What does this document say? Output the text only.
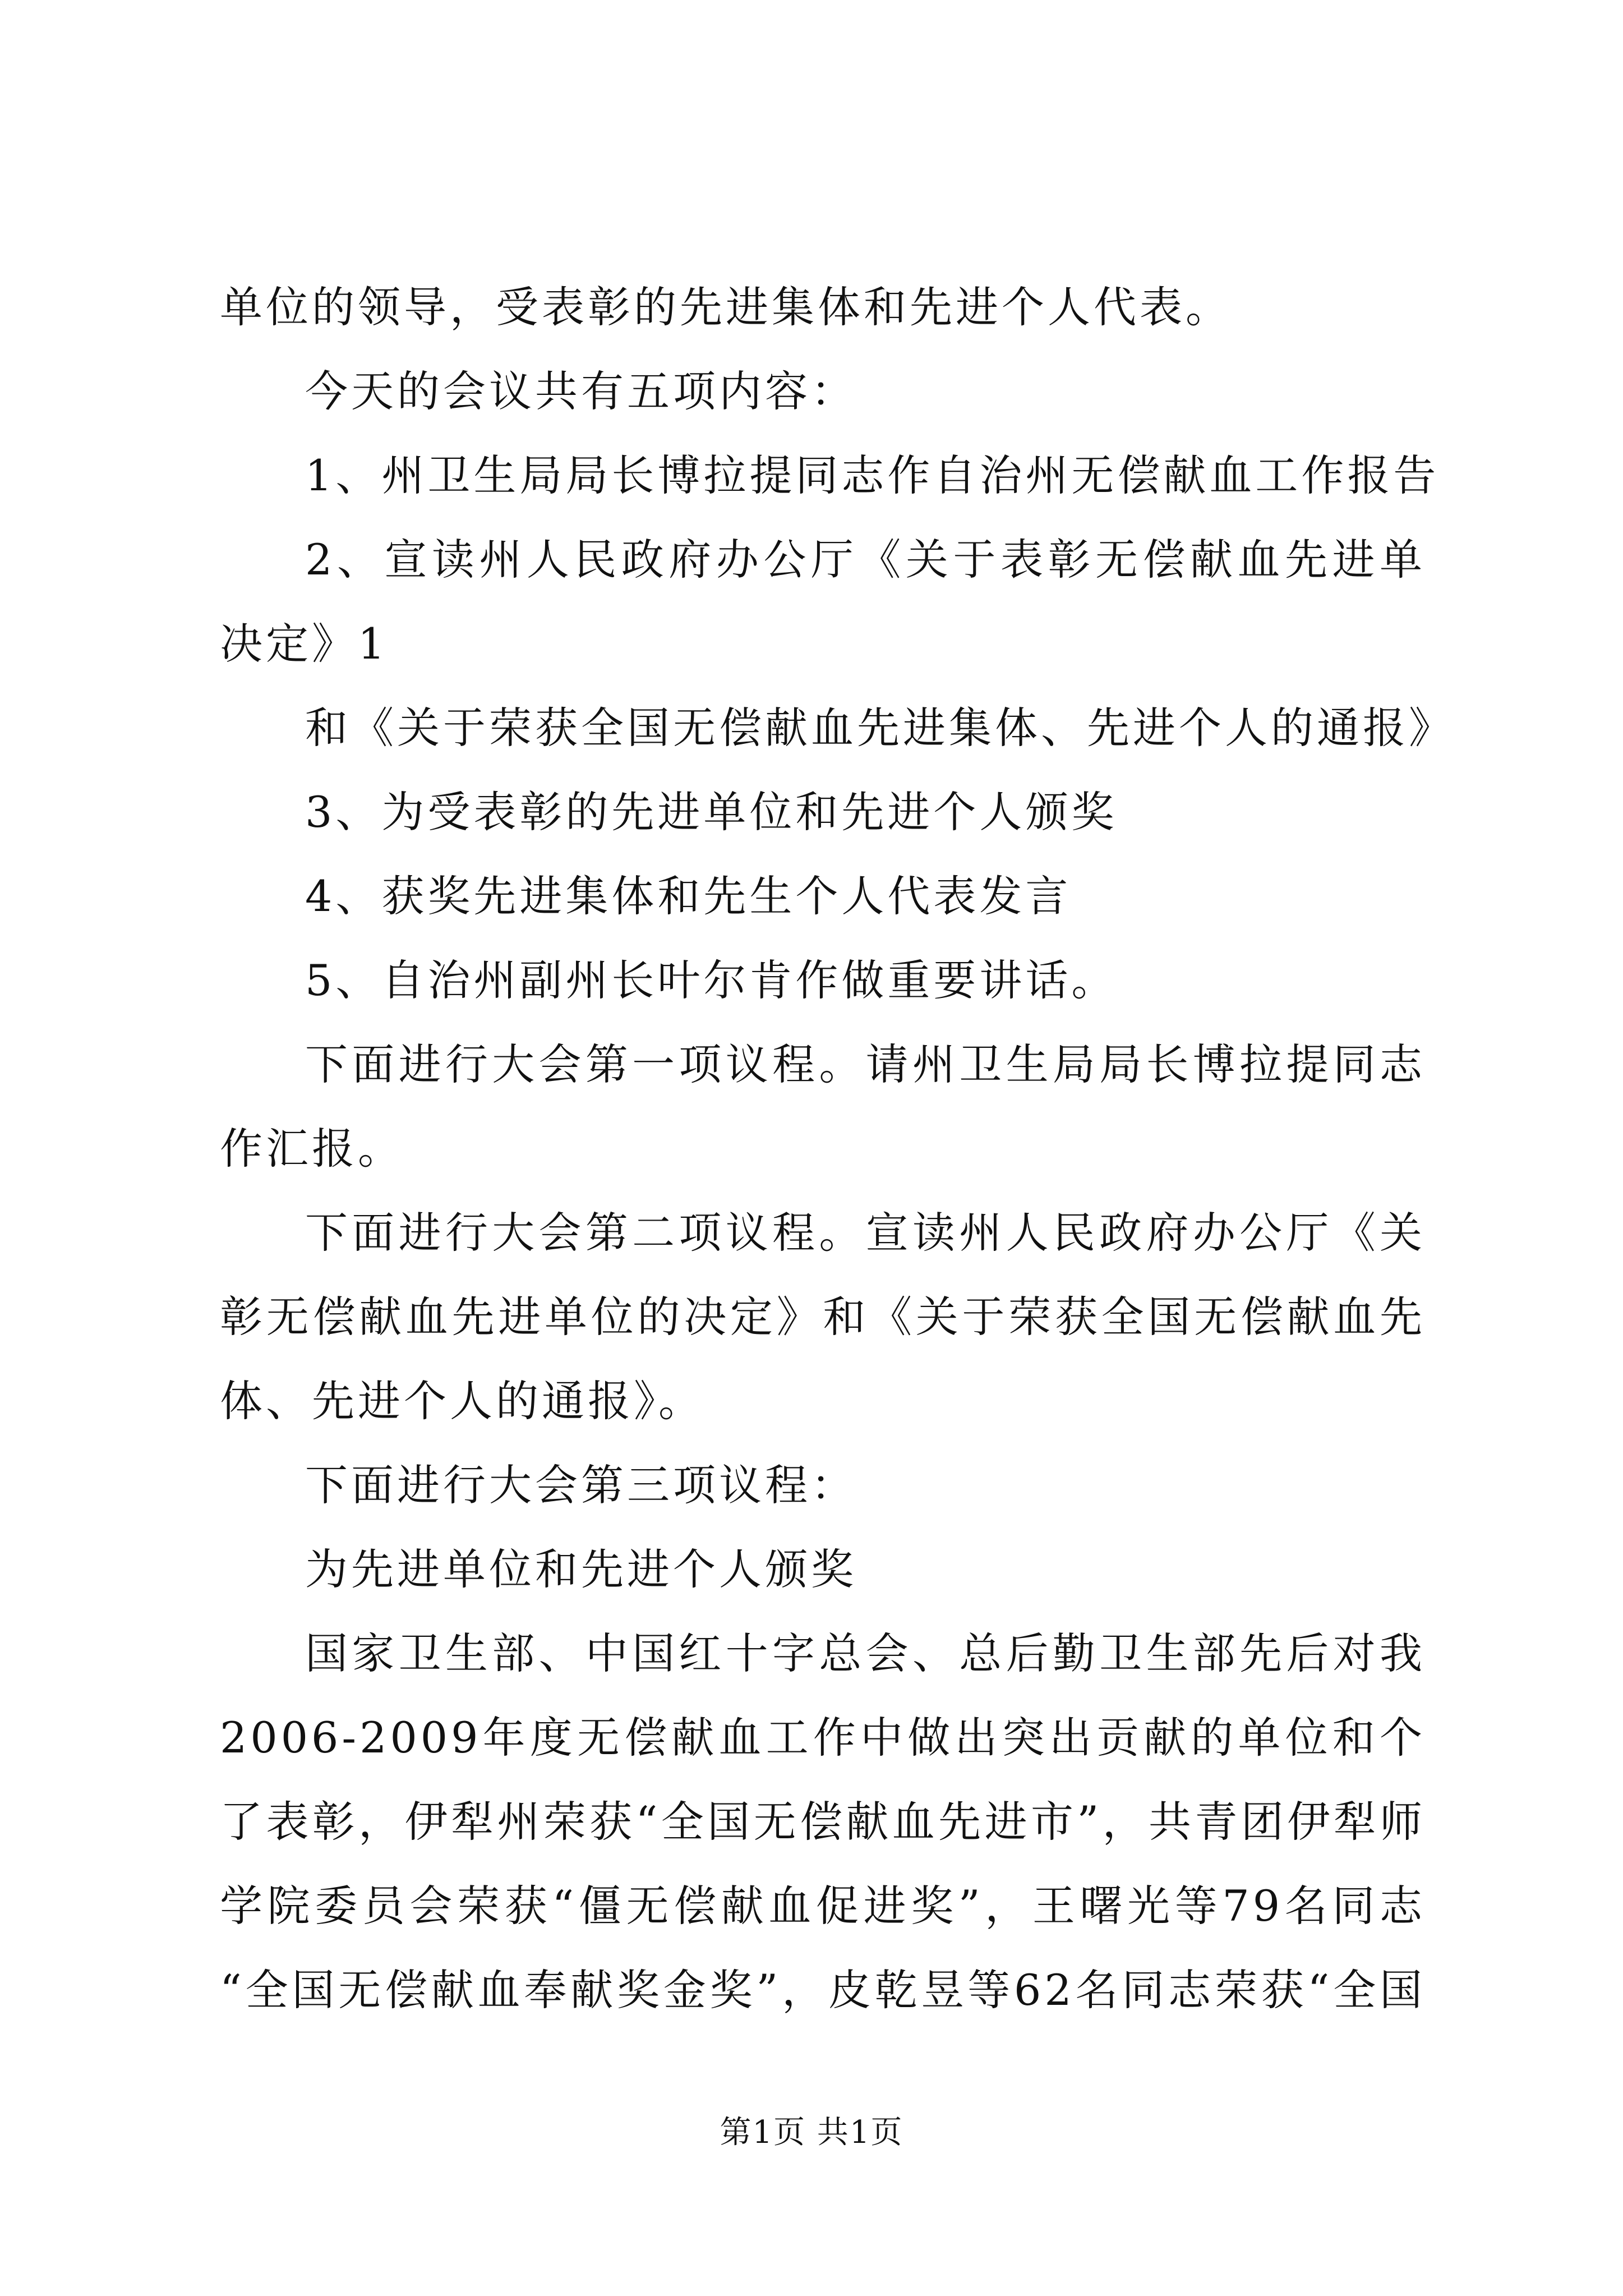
单位的领导，受表彰的先进集体和先进个人代表。
今天的会议共有五项内容：
1、州卫生局局长博拉提同志作自治州无偿献血工作报告
2、宣读州人民政府办公厅《关于表彰无偿献血先进单
决定》1
和《关于荣获全国无偿献血先进集体、先进个人的通报》
3、为受表彰的先进单位和先进个人颁奖
4、获奖先进集体和先生个人代表发言
5、自治州副州长叶尔肯作做重要讲话。
下面进行大会第一项议程。请州卫生局局长博拉提同志
作汇报。
下面进行大会第二项议程。宣读州人民政府办公厅《关
彰无偿献血先进单位的决定》和《关于荣获全国无偿献血先
体、先进个人的通报》。
下面进行大会第三项议程：
为先进单位和先进个人颁奖
国家卫生部、中国红十字总会、总后勤卫生部先后对我
2006-2009年度无偿献血工作中做出突出贡献的单位和个
了表彰，伊犁州荣获“全国无偿献血先进市”，共青团伊犁师
学院委员会荣获“僵无偿献血促进奖”，王曙光等79名同志
“全国无偿献血奉献奖金奖”，皮乾昱等62名同志荣获“全国
第1页 共1页
